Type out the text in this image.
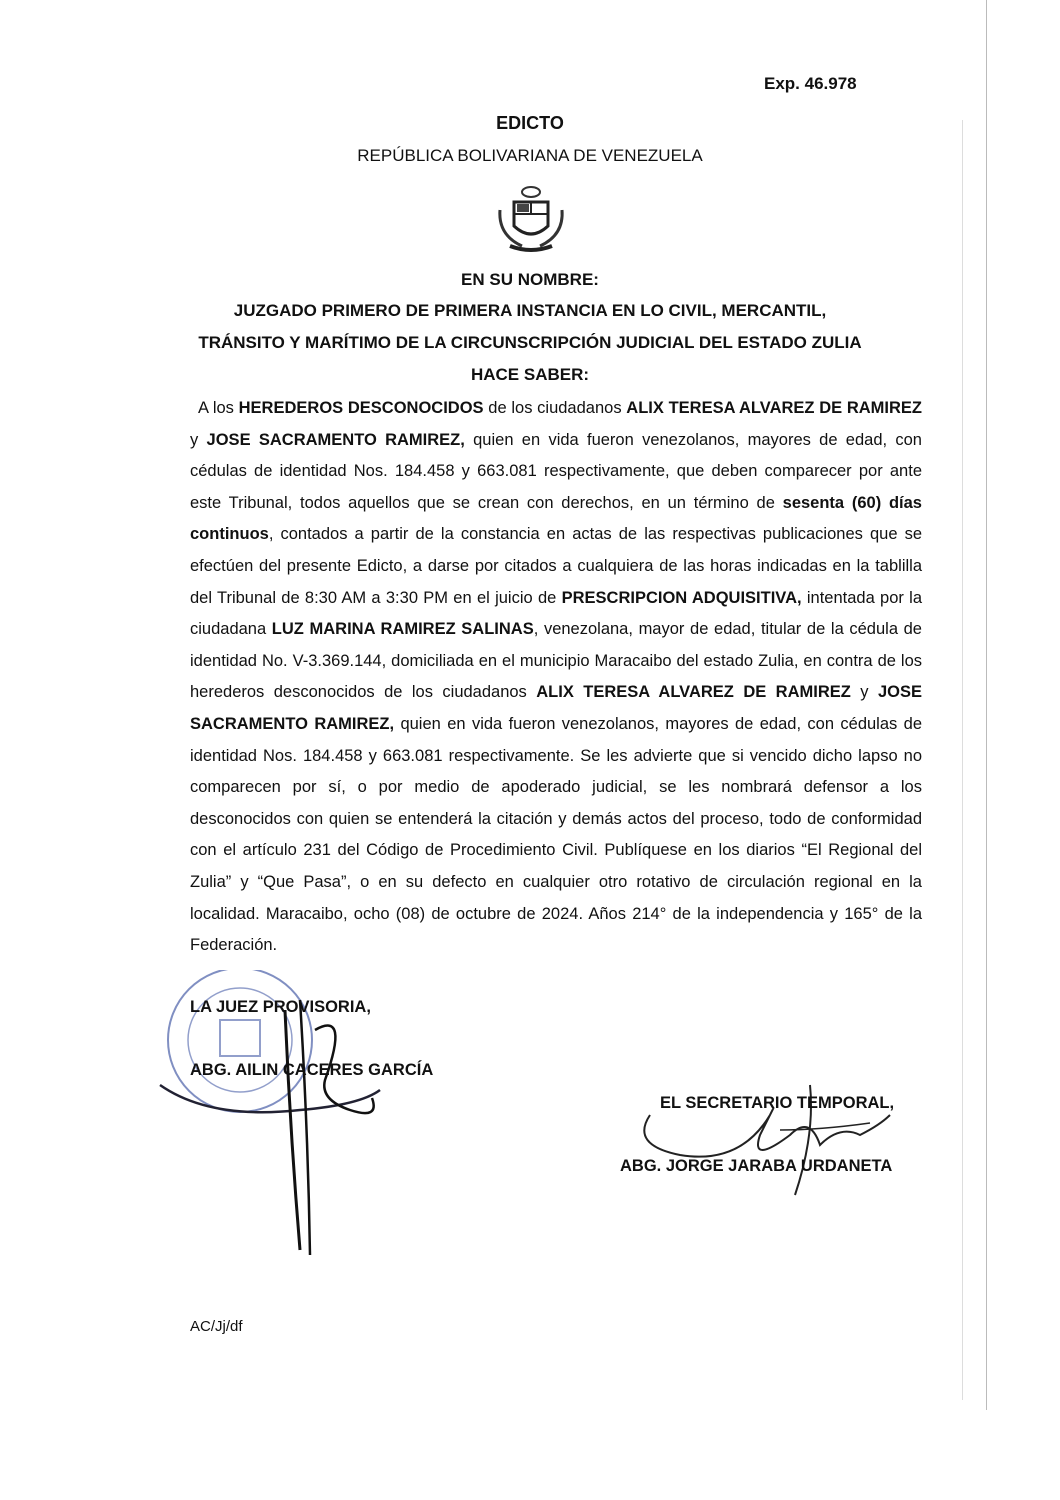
Exp. 46.978
EDICTO
REPÚBLICA BOLIVARIANA DE VENEZUELA
EN SU NOMBRE:
JUZGADO PRIMERO DE PRIMERA INSTANCIA EN LO CIVIL, MERCANTIL,
TRÁNSITO Y MARÍTIMO DE LA CIRCUNSCRIPCIÓN JUDICIAL DEL ESTADO ZULIA
HACE SABER:

A los HEREDEROS DESCONOCIDOS de los ciudadanos ALIX TERESA ALVAREZ DE RAMIREZ y JOSE SACRAMENTO RAMIREZ, quien en vida fueron venezolanos, mayores de edad, con cédulas de identidad Nos. 184.458 y 663.081 respectivamente, que deben comparecer por ante este Tribunal, todos aquellos que se crean con derechos, en un término de sesenta (60) días continuos, contados a partir de la constancia en actas de las respectivas publicaciones que se efectúen del presente Edicto, a darse por citados a cualquiera de las horas indicadas en la tablilla del Tribunal de 8:30 AM a 3:30 PM en el juicio de PRESCRIPCION ADQUISITIVA, intentada por la ciudadana LUZ MARINA RAMIREZ SALINAS, venezolana, mayor de edad, titular de la cédula de identidad No. V-3.369.144, domiciliada en el municipio Maracaibo del estado Zulia, en contra de los herederos desconocidos de los ciudadanos ALIX TERESA ALVAREZ DE RAMIREZ y JOSE SACRAMENTO RAMIREZ, quien en vida fueron venezolanos, mayores de edad, con cédulas de identidad Nos. 184.458 y 663.081 respectivamente. Se les advierte que si vencido dicho lapso no comparecen por sí, o por medio de apoderado judicial, se les nombrará defensor a los desconocidos con quien se entenderá la citación y demás actos del proceso, todo de conformidad con el artículo 231 del Código de Procedimiento Civil. Publíquese en los diarios “El Regional del Zulia” y “Que Pasa”, o en su defecto en cualquier otro rotativo de circulación regional en la localidad. Maracaibo, ocho (08) de octubre de 2024. Años 214° de la independencia y 165° de la Federación.

LA JUEZ PROVISORIA,
ABG. AILIN CACERES GARCÍA
EL SECRETARIO TEMPORAL,
ABG. JORGE JARABA URDANETA
AC/Jj/df
